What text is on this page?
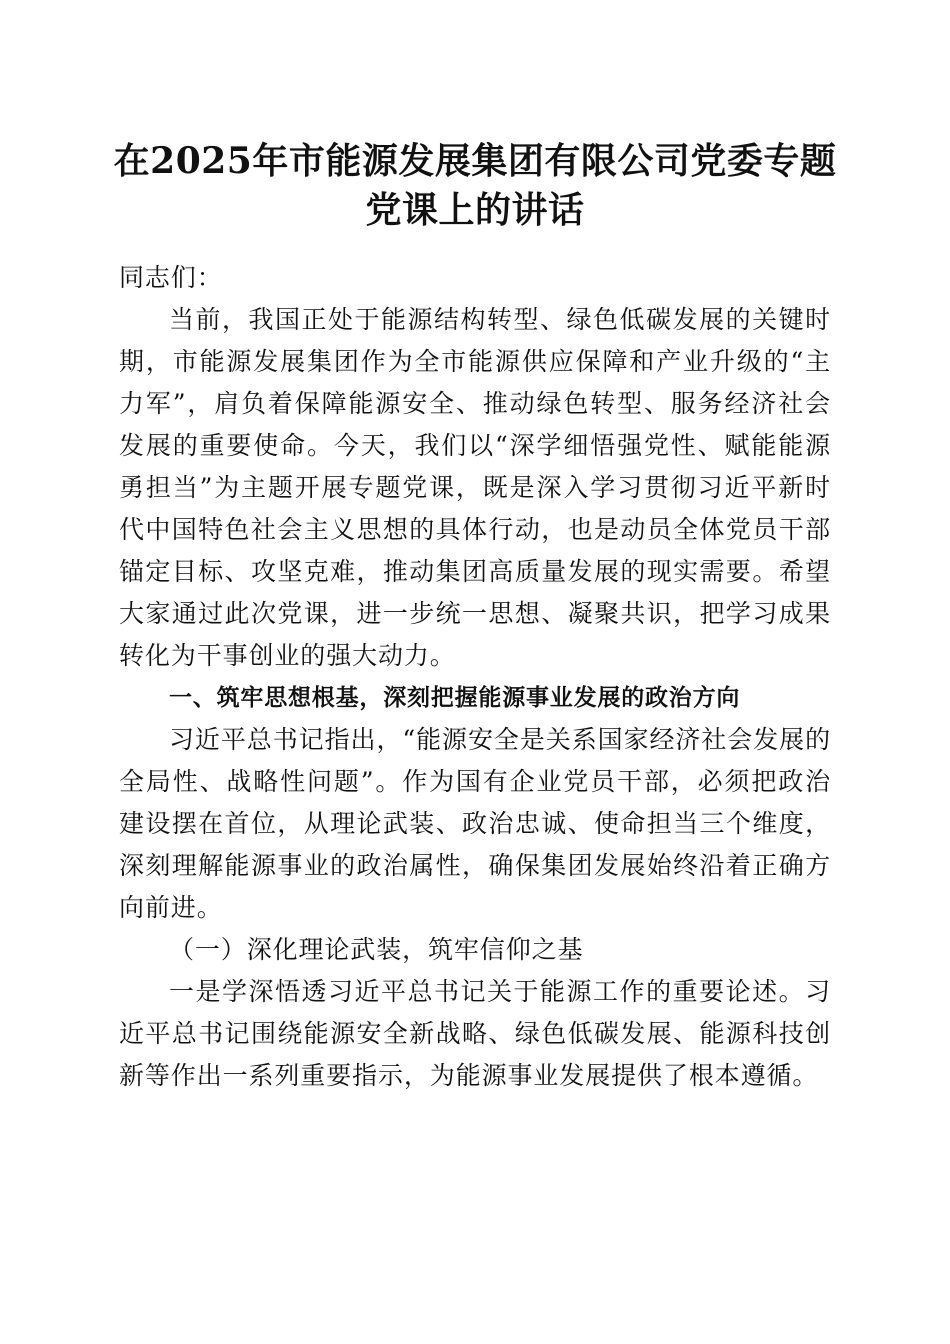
在2025年市能源发展集团有限公司党委专题
党课上的讲话

同志们：

当前，我国正处于能源结构转型、绿色低碳发展的关键时期，市能源发展集团作为全市能源供应保障和产业升级的“主力军”，肩负着保障能源安全、推动绿色转型、服务经济社会发展的重要使命。今天，我们以“深学细悟强党性、赋能能源勇担当”为主题开展专题党课，既是深入学习贯彻习近平新时代中国特色社会主义思想的具体行动，也是动员全体党员干部锚定目标、攻坚克难，推动集团高质量发展的现实需要。希望大家通过此次党课，进一步统一思想、凝聚共识，把学习成果转化为干事创业的强大动力。

一、筑牢思想根基，深刻把握能源事业发展的政治方向

习近平总书记指出，“能源安全是关系国家经济社会发展的全局性、战略性问题”。作为国有企业党员干部，必须把政治建设摆在首位，从理论武装、政治忠诚、使命担当三个维度，深刻理解能源事业的政治属性，确保集团发展始终沿着正确方向前进。

（一）深化理论武装，筑牢信仰之基

一是学深悟透习近平总书记关于能源工作的重要论述。习近平总书记围绕能源安全新战略、绿色低碳发展、能源科技创新等作出一系列重要指示，为能源事业发展提供了根本遵循。
